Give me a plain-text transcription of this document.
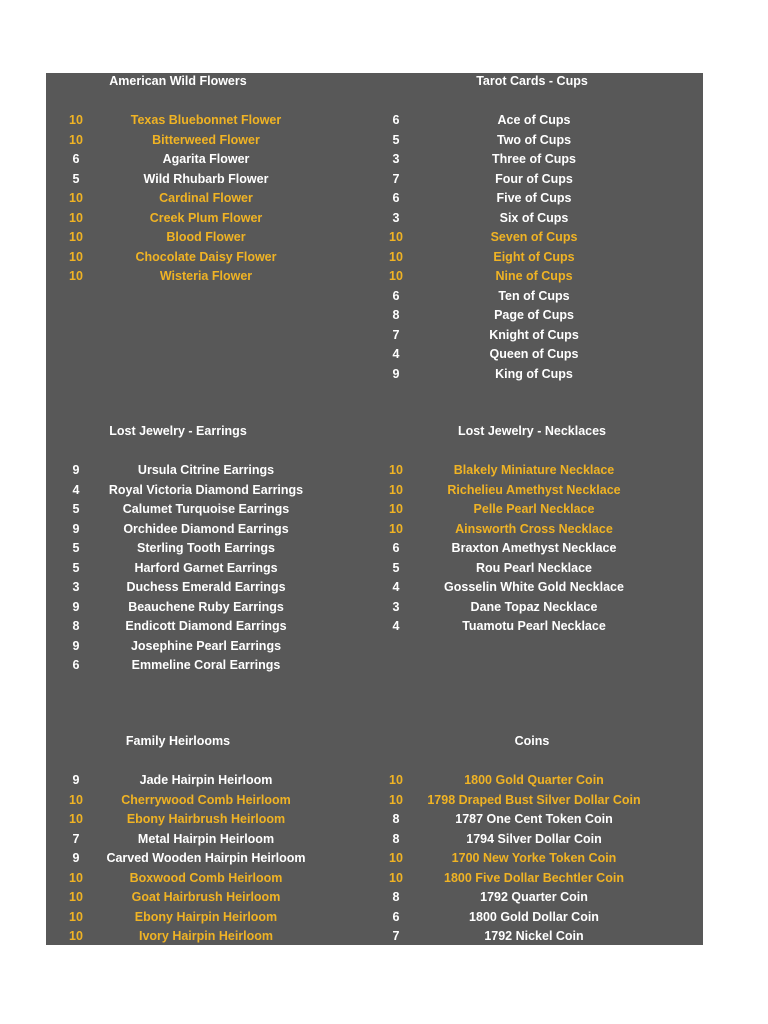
American Wild Flowers
10	Texas Bluebonnet Flower
10	Bitterweed Flower
6	Agarita Flower
5	Wild Rhubarb Flower
10	Cardinal Flower
10	Creek Plum Flower
10	Blood Flower
10	Chocolate Daisy Flower
10	Wisteria Flower
Tarot Cards - Cups
6	Ace of Cups
5	Two of Cups
3	Three of Cups
7	Four of Cups
6	Five of Cups
3	Six of Cups
10	Seven of Cups
10	Eight of Cups
10	Nine of Cups
6	Ten of Cups
8	Page of Cups
7	Knight of Cups
4	Queen of Cups
9	King of Cups
Lost Jewelry - Earrings
9	Ursula Citrine Earrings
4	Royal Victoria Diamond Earrings
5	Calumet Turquoise Earrings
9	Orchidee Diamond Earrings
5	Sterling Tooth Earrings
5	Harford Garnet Earrings
3	Duchess Emerald Earrings
9	Beauchene Ruby Earrings
8	Endicott Diamond Earrings
9	Josephine Pearl Earrings
6	Emmeline Coral Earrings
Lost Jewelry - Necklaces
10	Blakely Miniature Necklace
10	Richelieu Amethyst Necklace
10	Pelle Pearl Necklace
10	Ainsworth Cross Necklace
6	Braxton Amethyst Necklace
5	Rou Pearl Necklace
4	Gosselin White Gold Necklace
3	Dane Topaz Necklace
4	Tuamotu Pearl Necklace
Family Heirlooms
9	Jade Hairpin Heirloom
10	Cherrywood Comb Heirloom
10	Ebony Hairbrush Heirloom
7	Metal Hairpin Heirloom
9	Carved Wooden Hairpin Heirloom
10	Boxwood Comb Heirloom
10	Goat Hairbrush Heirloom
10	Ebony Hairpin Heirloom
10	Ivory Hairpin Heirloom
Coins
10	1800 Gold Quarter Coin
10	1798 Draped Bust Silver Dollar Coin
8	1787 One Cent Token Coin
8	1794 Silver Dollar Coin
10	1700 New Yorke Token Coin
10	1800 Five Dollar Bechtler Coin
8	1792 Quarter Coin
6	1800 Gold Dollar Coin
7	1792 Nickel Coin
